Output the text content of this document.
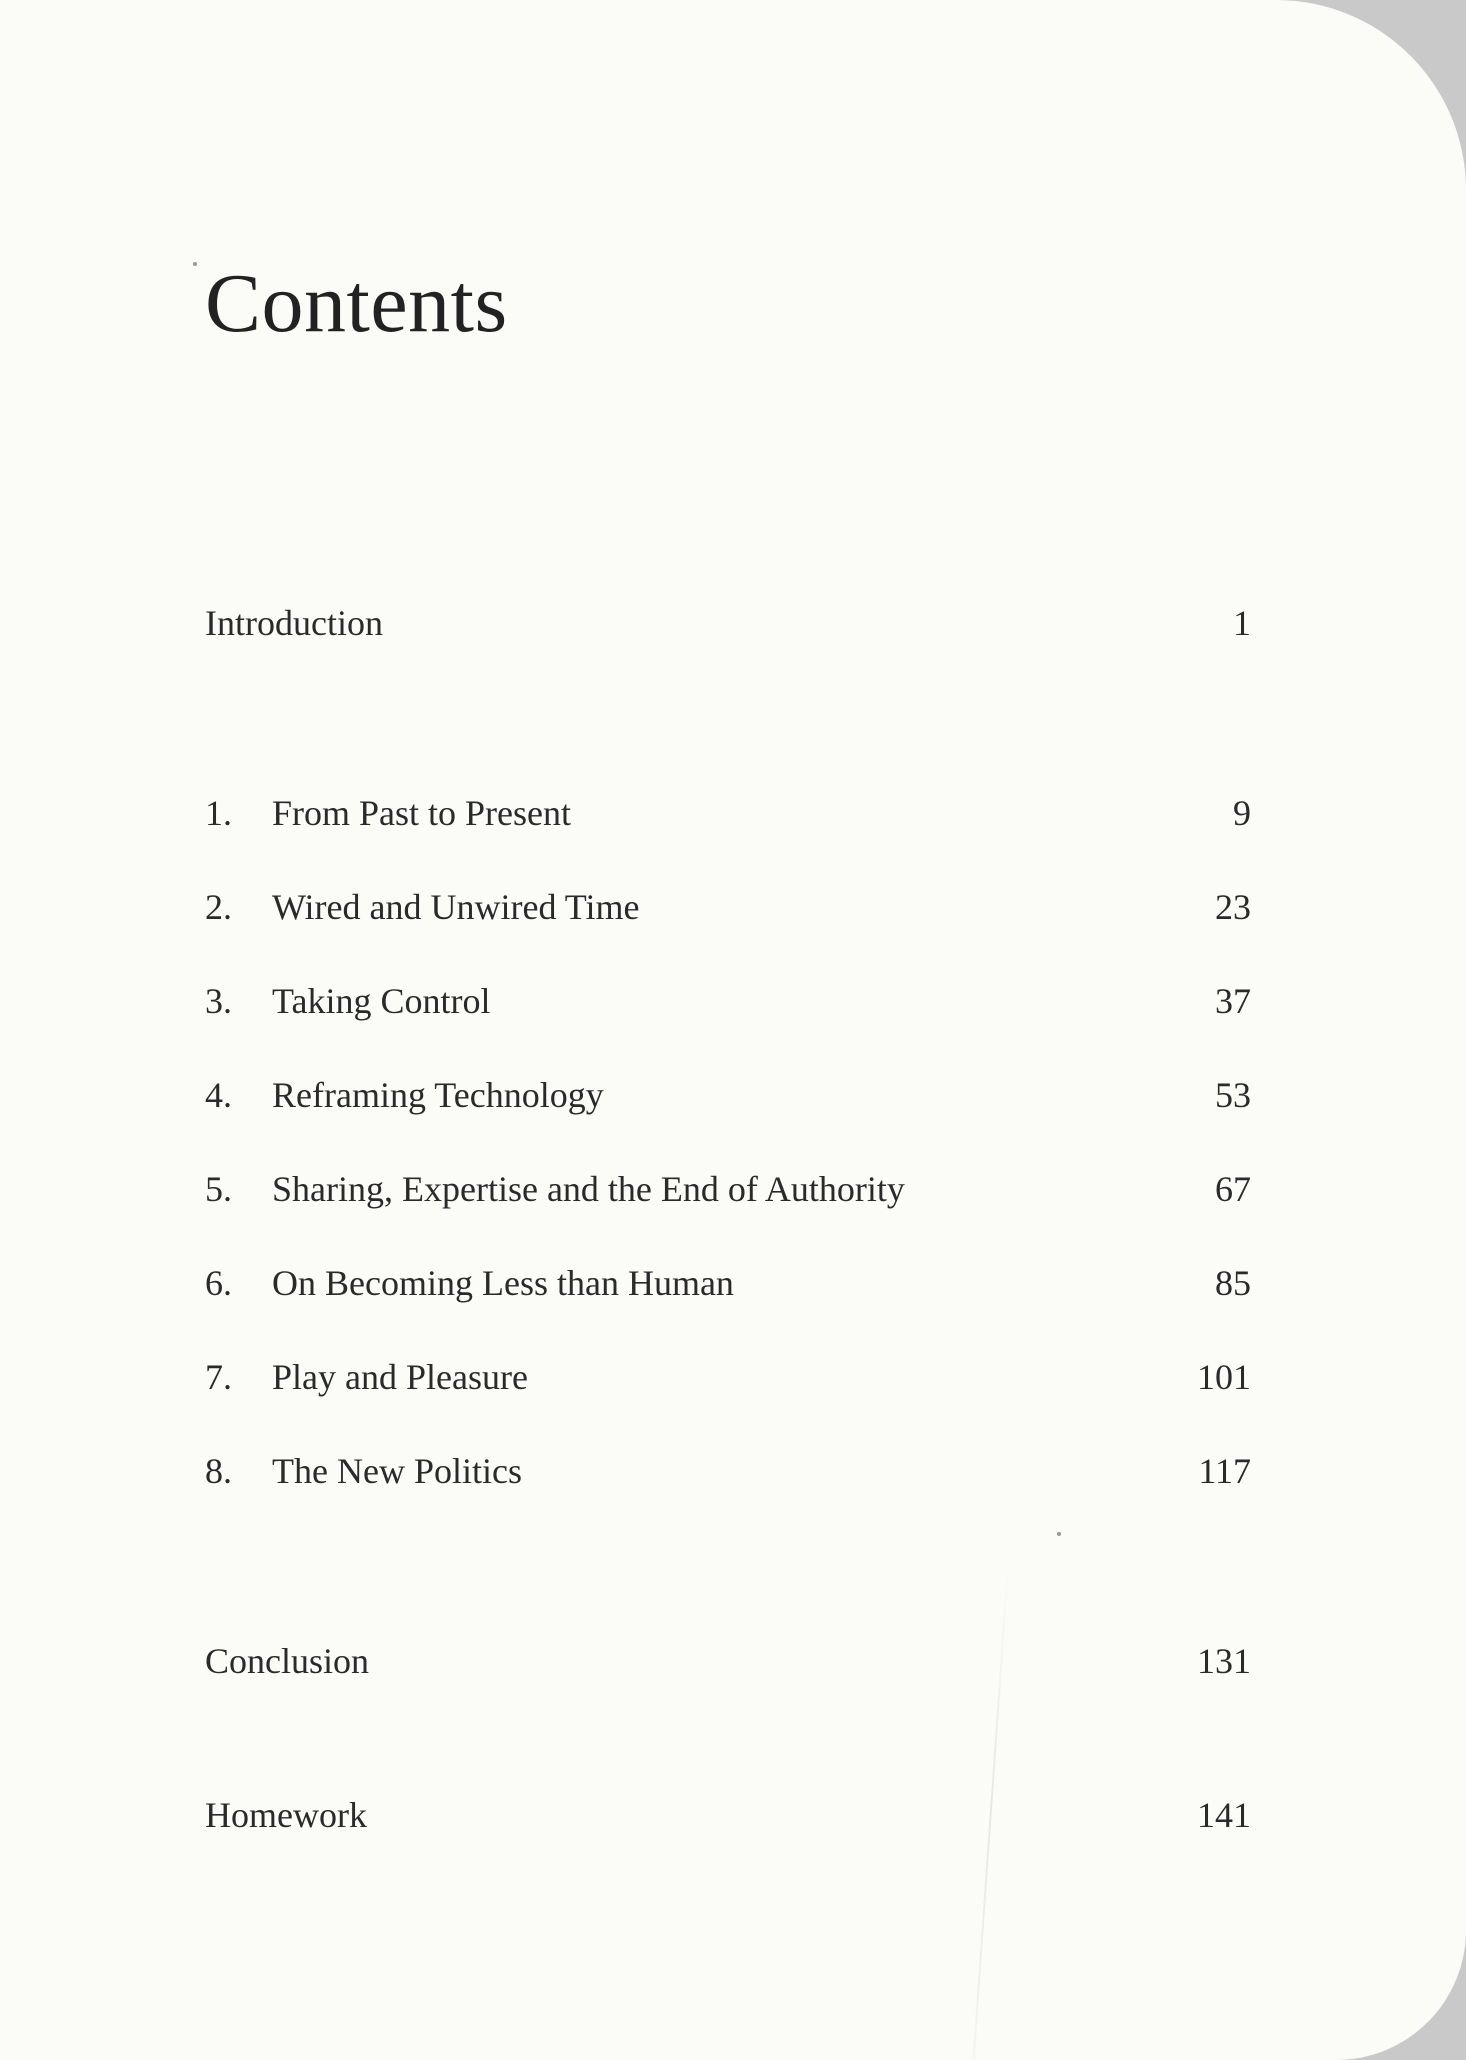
Contents
Introduction	1
1. From Past to Present	9
2. Wired and Unwired Time	23
3. Taking Control	37
4. Reframing Technology	53
5. Sharing, Expertise and the End of Authority	67
6. On Becoming Less than Human	85
7. Play and Pleasure	101
8. The New Politics	117
Conclusion	131
Homework	141
